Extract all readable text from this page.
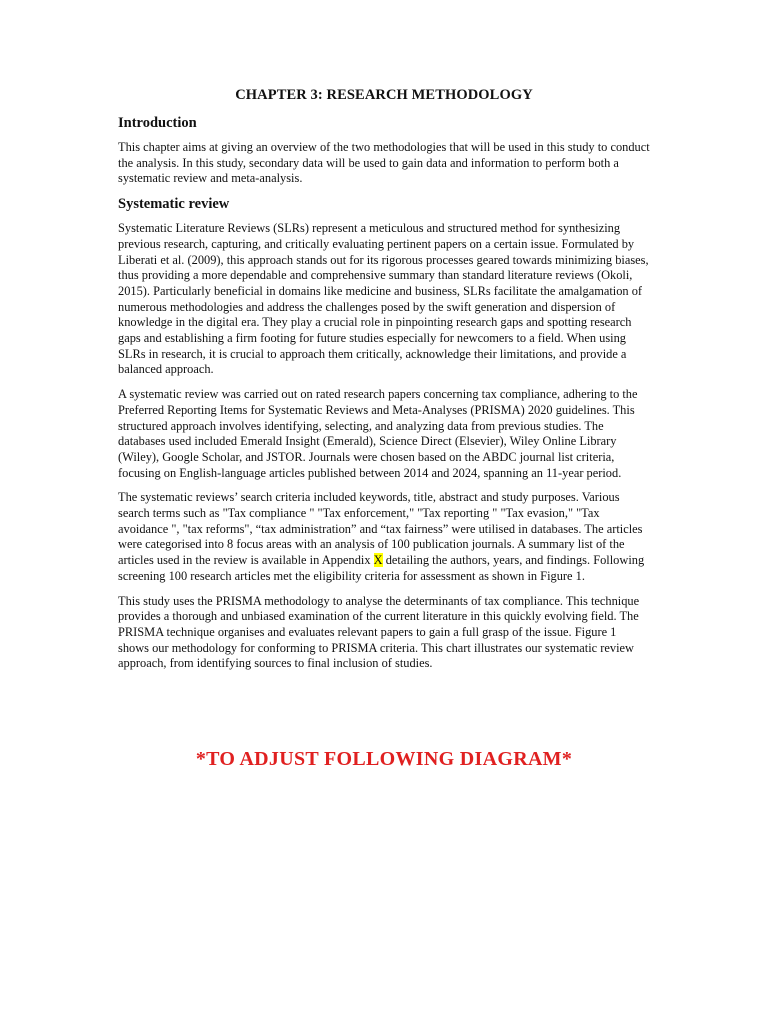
CHAPTER 3: RESEARCH METHODOLOGY
Introduction

This chapter aims at giving an overview of the two methodologies that will be used in this study to conduct the analysis. In this study, secondary data will be used to gain data and information to perform both a systematic review and meta-analysis.

Systematic review

Systematic Literature Reviews (SLRs) represent a meticulous and structured method for synthesizing previous research, capturing, and critically evaluating pertinent papers on a certain issue. Formulated by Liberati et al. (2009), this approach stands out for its rigorous processes geared towards minimizing biases, thus providing a more dependable and comprehensive summary than standard literature reviews (Okoli, 2015). Particularly beneficial in domains like medicine and business, SLRs facilitate the amalgamation of numerous methodologies and address the challenges posed by the swift generation and dispersion of knowledge in the digital era. They play a crucial role in pinpointing research gaps and spotting research gaps and establishing a firm footing for future studies especially for newcomers to a field. When using SLRs in research, it is crucial to approach them critically, acknowledge their limitations, and provide a balanced approach.

A systematic review was carried out on rated research papers concerning tax compliance, adhering to the Preferred Reporting Items for Systematic Reviews and Meta-Analyses (PRISMA) 2020 guidelines. This structured approach involves identifying, selecting, and analyzing data from previous studies. The databases used included Emerald Insight (Emerald), Science Direct (Elsevier), Wiley Online Library (Wiley), Google Scholar, and JSTOR. Journals were chosen based on the ABDC journal list criteria, focusing on English-language articles published between 2014 and 2024, spanning an 11-year period.

The systematic reviews’ search criteria included keywords, title, abstract and study purposes. Various search terms such as "Tax compliance " "Tax enforcement," "Tax reporting " "Tax evasion," "Tax avoidance ", "tax reforms", “tax administration” and “tax fairness” were utilised in databases. The articles were categorised into 8 focus areas with an analysis of 100 publication journals. A summary list of the articles used in the review is available in Appendix X detailing the authors, years, and findings. Following screening 100 research articles met the eligibility criteria for assessment as shown in Figure 1.

This study uses the PRISMA methodology to analyse the determinants of tax compliance. This technique provides a thorough and unbiased examination of the current literature in this quickly evolving field. The PRISMA technique organises and evaluates relevant papers to gain a full grasp of the issue. Figure 1 shows our methodology for conforming to PRISMA criteria. This chart illustrates our systematic review approach, from identifying sources to final inclusion of studies.

*TO ADJUST FOLLOWING DIAGRAM*
